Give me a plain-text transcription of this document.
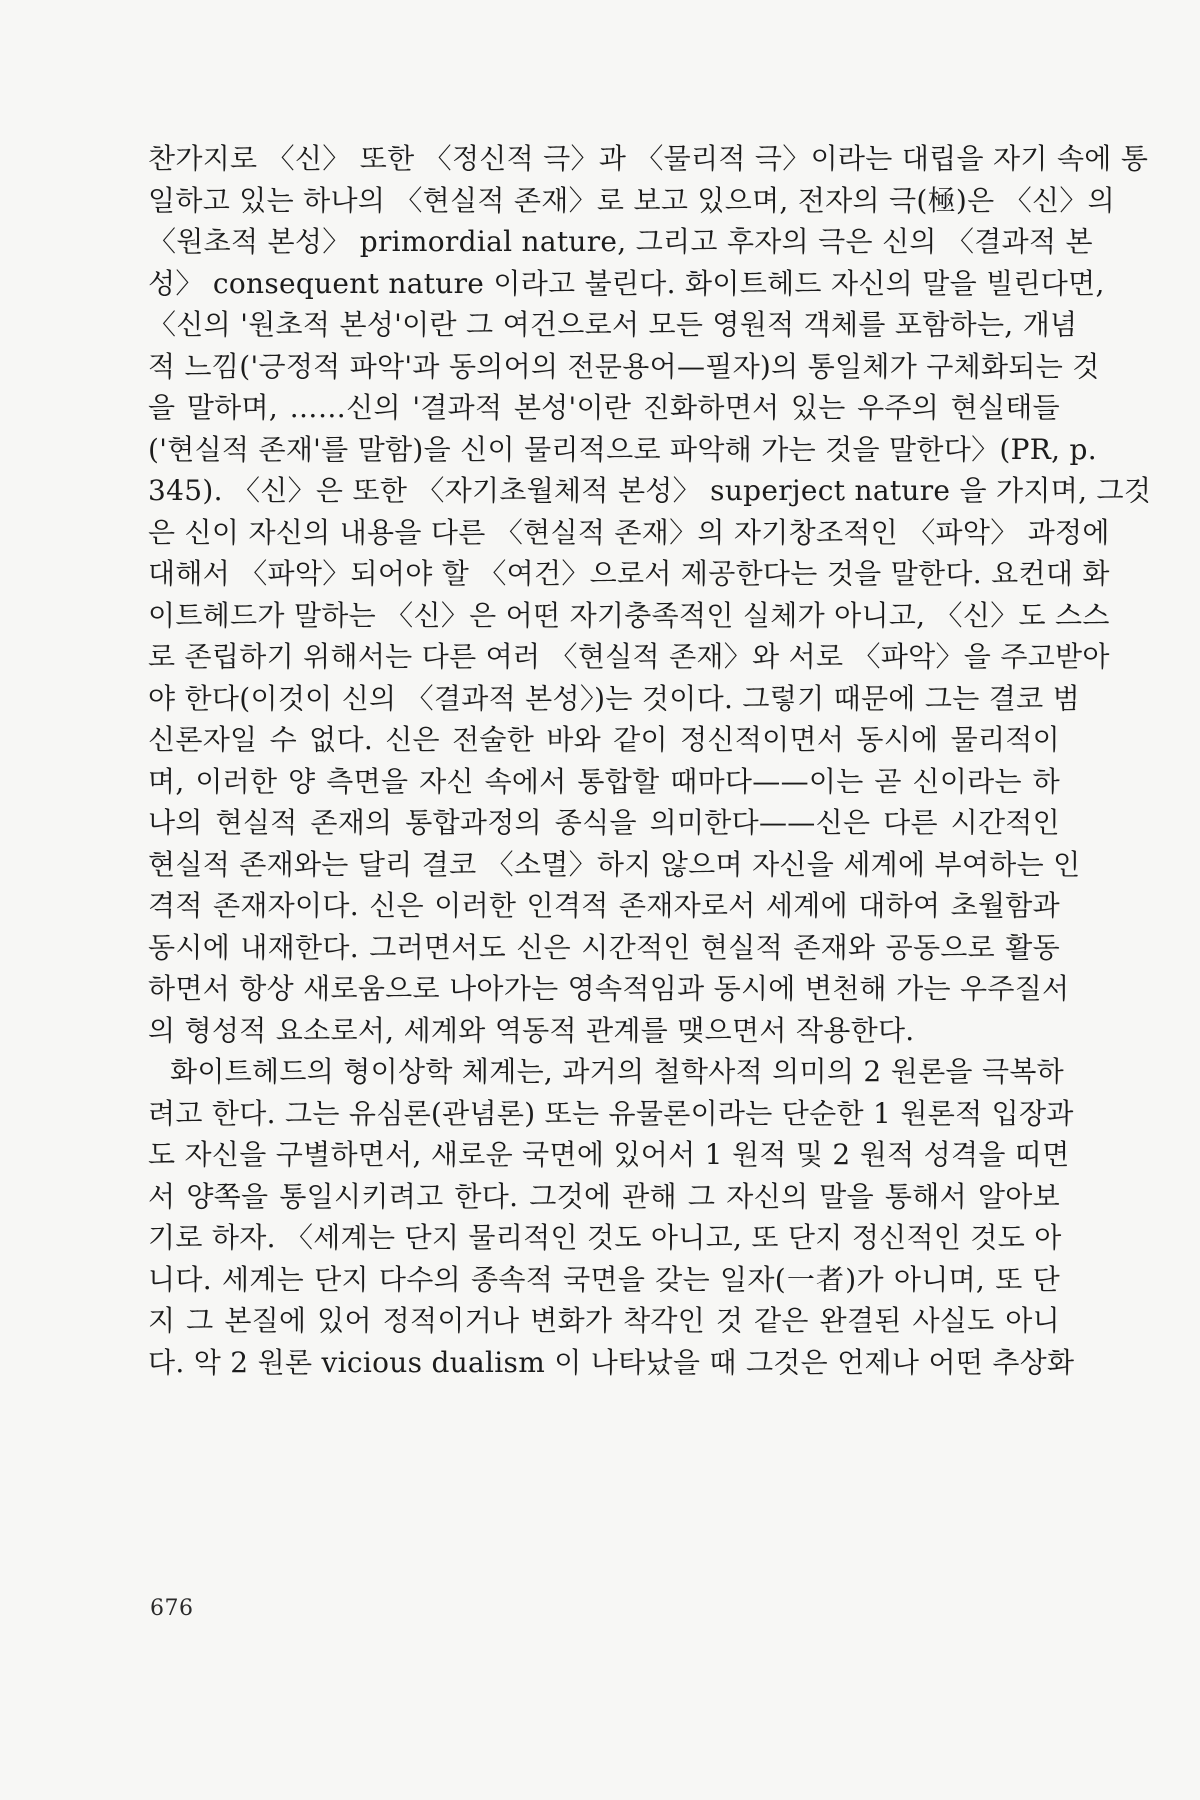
찬가지로 〈신〉 또한 〈정신적 극〉과 〈물리적 극〉이라는 대립을 자기 속에 통
일하고 있는 하나의 〈현실적 존재〉로 보고 있으며, 전자의 극(極)은 〈신〉의
〈원초적 본성〉 primordial nature, 그리고 후자의 극은 신의 〈결과적 본
성〉 consequent nature 이라고 불린다. 화이트헤드 자신의 말을 빌린다면,
〈신의 '원초적 본성'이란 그 여건으로서 모든 영원적 객체를 포함하는, 개념
적 느낌('긍정적 파악'과 동의어의 전문용어—필자)의 통일체가 구체화되는 것
을 말하며, ……신의 '결과적 본성'이란 진화하면서 있는 우주의 현실태들
('현실적 존재'를 말함)을 신이 물리적으로 파악해 가는 것을 말한다〉(PR, p.
345). 〈신〉은 또한 〈자기초월체적 본성〉 superject nature 을 가지며, 그것
은 신이 자신의 내용을 다른 〈현실적 존재〉의 자기창조적인 〈파악〉 과정에
대해서 〈파악〉되어야 할 〈여건〉으로서 제공한다는 것을 말한다. 요컨대 화
이트헤드가 말하는 〈신〉은 어떤 자기충족적인 실체가 아니고, 〈신〉도 스스
로 존립하기 위해서는 다른 여러 〈현실적 존재〉와 서로 〈파악〉을 주고받아
야 한다(이것이 신의 〈결과적 본성〉)는 것이다. 그렇기 때문에 그는 결코 범
신론자일 수 없다. 신은 전술한 바와 같이 정신적이면서 동시에 물리적이
며, 이러한 양 측면을 자신 속에서 통합할 때마다——이는 곧 신이라는 하
나의 현실적 존재의 통합과정의 종식을 의미한다——신은 다른 시간적인
현실적 존재와는 달리 결코 〈소멸〉하지 않으며 자신을 세계에 부여하는 인
격적 존재자이다. 신은 이러한 인격적 존재자로서 세계에 대하여 초월함과
동시에 내재한다. 그러면서도 신은 시간적인 현실적 존재와 공동으로 활동
하면서 항상 새로움으로 나아가는 영속적임과 동시에 변천해 가는 우주질서
의 형성적 요소로서, 세계와 역동적 관계를 맺으면서 작용한다.
화이트헤드의 형이상학 체계는, 과거의 철학사적 의미의 2 원론을 극복하
려고 한다. 그는 유심론(관념론) 또는 유물론이라는 단순한 1 원론적 입장과
도 자신을 구별하면서, 새로운 국면에 있어서 1 원적 및 2 원적 성격을 띠면
서 양쪽을 통일시키려고 한다. 그것에 관해 그 자신의 말을 통해서 알아보
기로 하자. 〈세계는 단지 물리적인 것도 아니고, 또 단지 정신적인 것도 아
니다. 세계는 단지 다수의 종속적 국면을 갖는 일자(一者)가 아니며, 또 단
지 그 본질에 있어 정적이거나 변화가 착각인 것 같은 완결된 사실도 아니
다. 악 2 원론 vicious dualism 이 나타났을 때 그것은 언제나 어떤 추상화
676
